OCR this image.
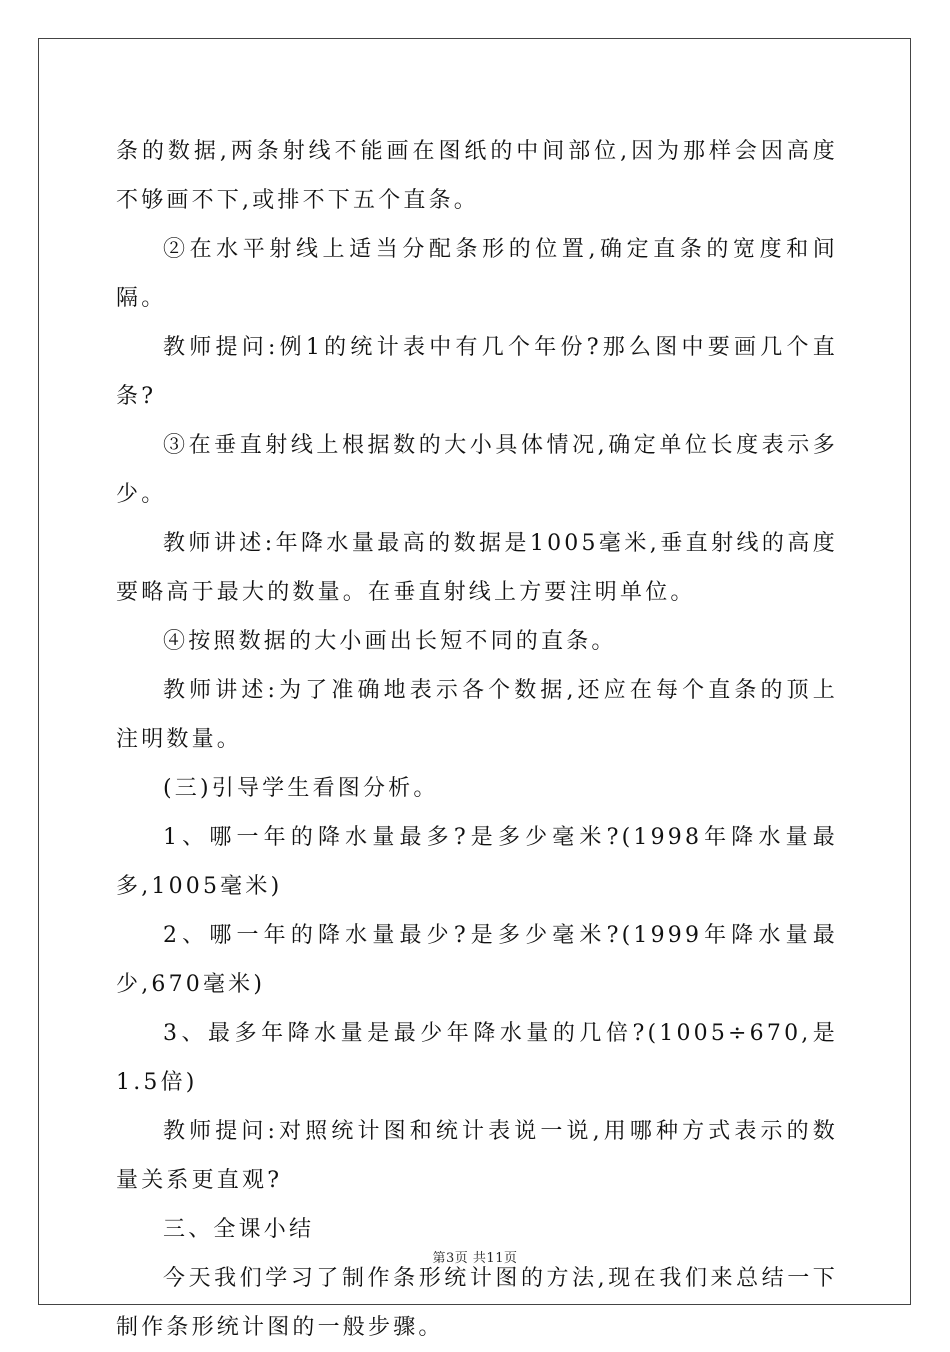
条的数据,两条射线不能画在图纸的中间部位,因为那样会因高度不够画不下,或排不下五个直条。

②在水平射线上适当分配条形的位置,确定直条的宽度和间隔。

教师提问:例1的统计表中有几个年份?那么图中要画几个直条?

③在垂直射线上根据数的大小具体情况,确定单位长度表示多少。

教师讲述:年降水量最高的数据是1005毫米,垂直射线的高度要略高于最大的数量。在垂直射线上方要注明单位。

④按照数据的大小画出长短不同的直条。

教师讲述:为了准确地表示各个数据,还应在每个直条的顶上注明数量。

(三)引导学生看图分析。

1、哪一年的降水量最多?是多少毫米?(1998年降水量最多,1005毫米)

2、哪一年的降水量最少?是多少毫米?(1999年降水量最少,670毫米)

3、最多年降水量是最少年降水量的几倍?(1005÷670,是1.5倍)

教师提问:对照统计图和统计表说一说,用哪种方式表示的数量关系更直观?

三、全课小结

今天我们学习了制作条形统计图的方法,现在我们来总结一下制作条形统计图的一般步骤。

第3页 共11页
